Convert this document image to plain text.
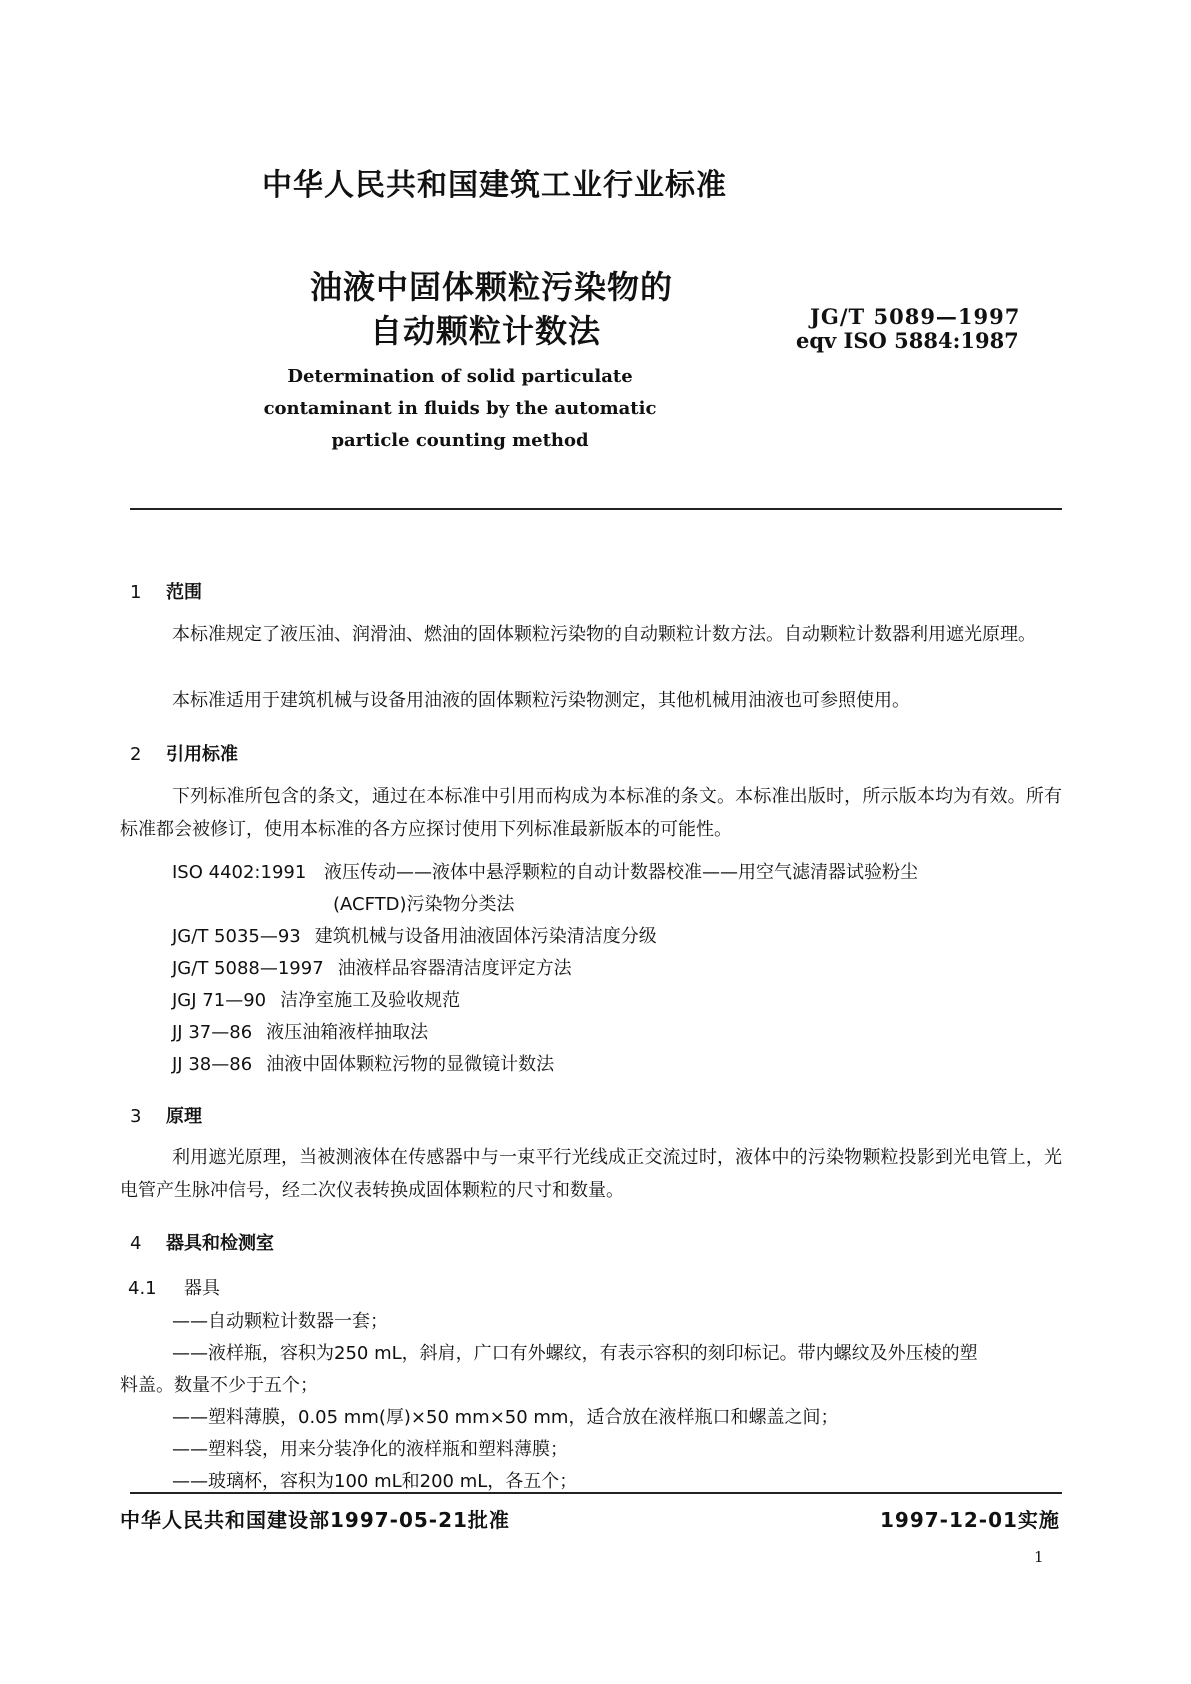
中华人民共和国建筑工业行业标准
油液中固体颗粒污染物的
自动颗粒计数法	JG/T 5089—1997
eqv ISO 5884:1987
Determination of solid particulate
contaminant in fluids by the automatic
particle counting method
1 范围
本标准规定了液压油、润滑油、燃油的固体颗粒污染物的自动颗粒计数方法。自动颗粒计数器利用遮光原理。
本标准适用于建筑机械与设备用油液的固体颗粒污染物测定，其他机械用油液也可参照使用。
2 引用标准
下列标准所包含的条文，通过在本标准中引用而构成为本标准的条文。本标准出版时，所示版本均为有效。所有标准都会被修订，使用本标准的各方应探讨使用下列标准最新版本的可能性。
ISO 4402:1991 液压传动——液体中悬浮颗粒的自动计数器校准——用空气滤清器试验粉尘
(ACFTD)污染物分类法
JG/T 5035—93 建筑机械与设备用油液固体污染清洁度分级
JG/T 5088—1997 油液样品容器清洁度评定方法
JGJ 71—90 洁净室施工及验收规范
JJ 37—86 液压油箱液样抽取法
JJ 38—86 油液中固体颗粒污物的显微镜计数法
3 原理
利用遮光原理，当被测液体在传感器中与一束平行光线成正交流过时，液体中的污染物颗粒投影到光电管上，光电管产生脉冲信号，经二次仪表转换成固体颗粒的尺寸和数量。
4 器具和检测室
4.1 器具
——自动颗粒计数器一套；
——液样瓶，容积为250 mL，斜肩，广口有外螺纹，有表示容积的刻印标记。带内螺纹及外压棱的塑
料盖。数量不少于五个；
——塑料薄膜，0.05 mm(厚)×50 mm×50 mm，适合放在液样瓶口和螺盖之间；
——塑料袋，用来分装净化的液样瓶和塑料薄膜；
——玻璃杯，容积为100 mL和200 mL，各五个；
中华人民共和国建设部1997-05-21批准	1997-12-01实施
1
